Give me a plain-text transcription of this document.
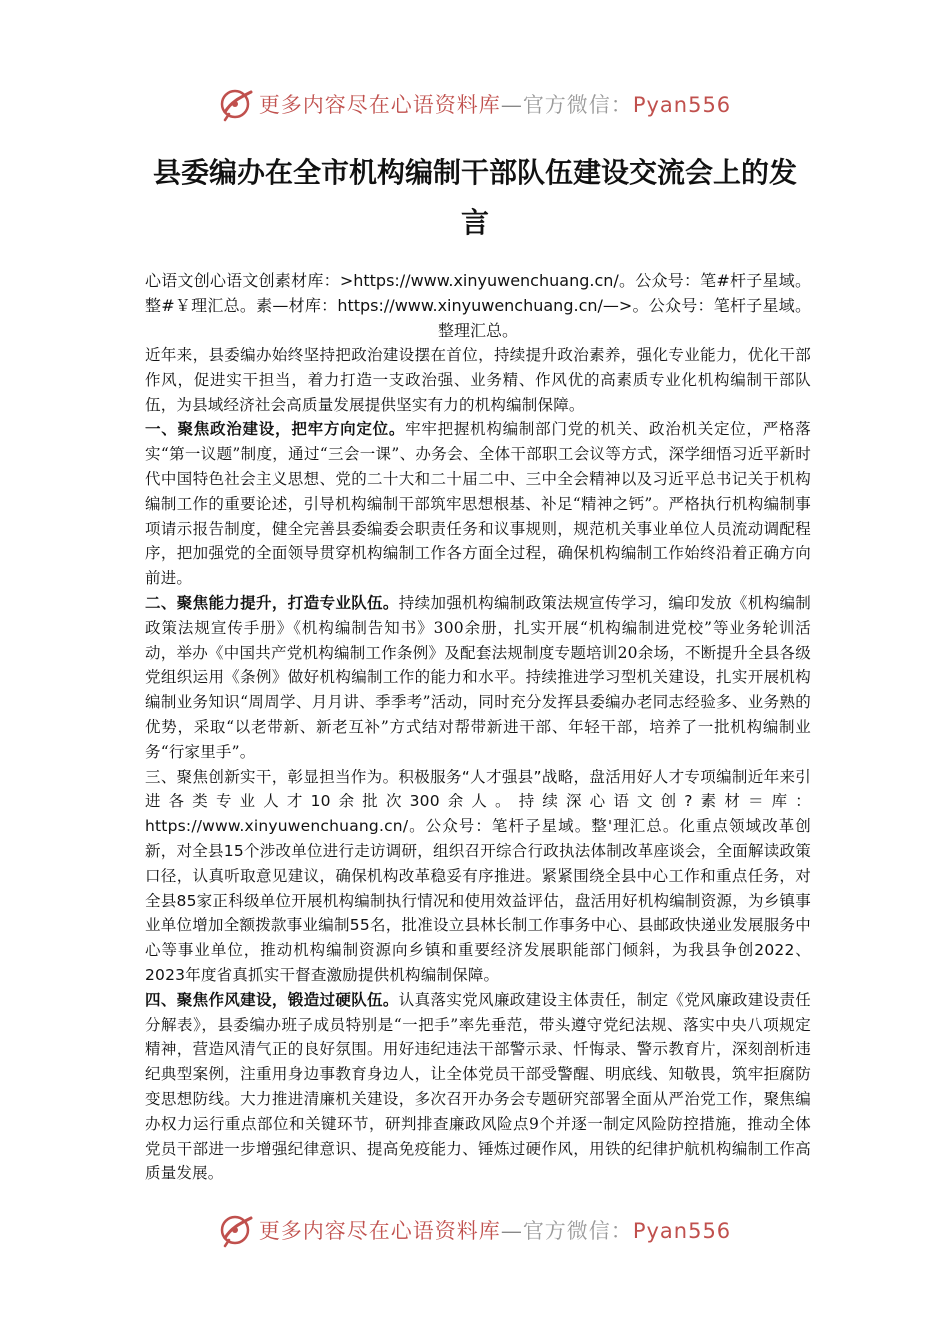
更多内容尽在心语资料库—官方微信：Pyan556
县委编办在全市机构编制干部队伍建设交流会上的发言

心语文创心语文创素材库：>https://www.xinyuwenchuang.cn/。公众号：笔#杆子星域。整#￥理汇总。素—材库：https://www.xinyuwenchuang.cn/—>。公众号：笔杆子星域。整理汇总。

近年来，县委编办始终坚持把政治建设摆在首位，持续提升政治素养，强化专业能力，优化干部作风，促进实干担当，着力打造一支政治强、业务精、作风优的高素质专业化机构编制干部队伍，为县域经济社会高质量发展提供坚实有力的机构编制保障。

一、聚焦政治建设，把牢方向定位。牢牢把握机构编制部门党的机关、政治机关定位，严格落实“第一议题”制度，通过“三会一课”、办务会、全体干部职工会议等方式，深学细悟习近平新时代中国特色社会主义思想、党的二十大和二十届二中、三中全会精神以及习近平总书记关于机构编制工作的重要论述，引导机构编制干部筑牢思想根基、补足“精神之钙”。严格执行机构编制事项请示报告制度，健全完善县委编委会职责任务和议事规则，规范机关事业单位人员流动调配程序，把加强党的全面领导贯穿机构编制工作各方面全过程，确保机构编制工作始终沿着正确方向前进。

二、聚焦能力提升，打造专业队伍。持续加强机构编制政策法规宣传学习，编印发放《机构编制政策法规宣传手册》《机构编制告知书》300余册，扎实开展“机构编制进党校”等业务轮训活动，举办《中国共产党机构编制工作条例》及配套法规制度专题培训20余场，不断提升全县各级党组织运用《条例》做好机构编制工作的能力和水平。持续推进学习型机关建设，扎实开展机构编制业务知识“周周学、月月讲、季季考”活动，同时充分发挥县委编办老同志经验多、业务熟的优势，采取“以老带新、新老互补”方式结对帮带新进干部、年轻干部，培养了一批机构编制业务“行家里手”。

三、聚焦创新实干，彰显担当作为。积极服务“人才强县”战略，盘活用好人才专项编制近年来引进各类专业人才10余批次300余人。持续深心语文创?素材＝库：https://www.xinyuwenchuang.cn/。公众号：笔杆子星域。整'理汇总。化重点领域改革创新，对全县15个涉改单位进行走访调研，组织召开综合行政执法体制改革座谈会，全面解读政策口径，认真听取意见建议，确保机构改革稳妥有序推进。紧紧围绕全县中心工作和重点任务，对全县85家正科级单位开展机构编制执行情况和使用效益评估，盘活用好机构编制资源，为乡镇事业单位增加全额拨款事业编制55名，批准设立县林长制工作事务中心、县邮政快递业发展服务中心等事业单位，推动机构编制资源向乡镇和重要经济发展职能部门倾斜，为我县争创2022、2023年度省真抓实干督查激励提供机构编制保障。

四、聚焦作风建设，锻造过硬队伍。认真落实党风廉政建设主体责任，制定《党风廉政建设责任分解表》，县委编办班子成员特别是“一把手”率先垂范，带头遵守党纪法规、落实中央八项规定精神，营造风清气正的良好氛围。用好违纪违法干部警示录、忏悔录、警示教育片，深刻剖析违纪典型案例，注重用身边事教育身边人，让全体党员干部受警醒、明底线、知敬畏，筑牢拒腐防变思想防线。大力推进清廉机关建设，多次召开办务会专题研究部署全面从严治党工作，聚焦编办权力运行重点部位和关键环节，研判排查廉政风险点9个并逐一制定风险防控措施，推动全体党员干部进一步增强纪律意识、提高免疫能力、锤炼过硬作风，用铁的纪律护航机构编制工作高质量发展。

更多内容尽在心语资料库—官方微信：Pyan556
